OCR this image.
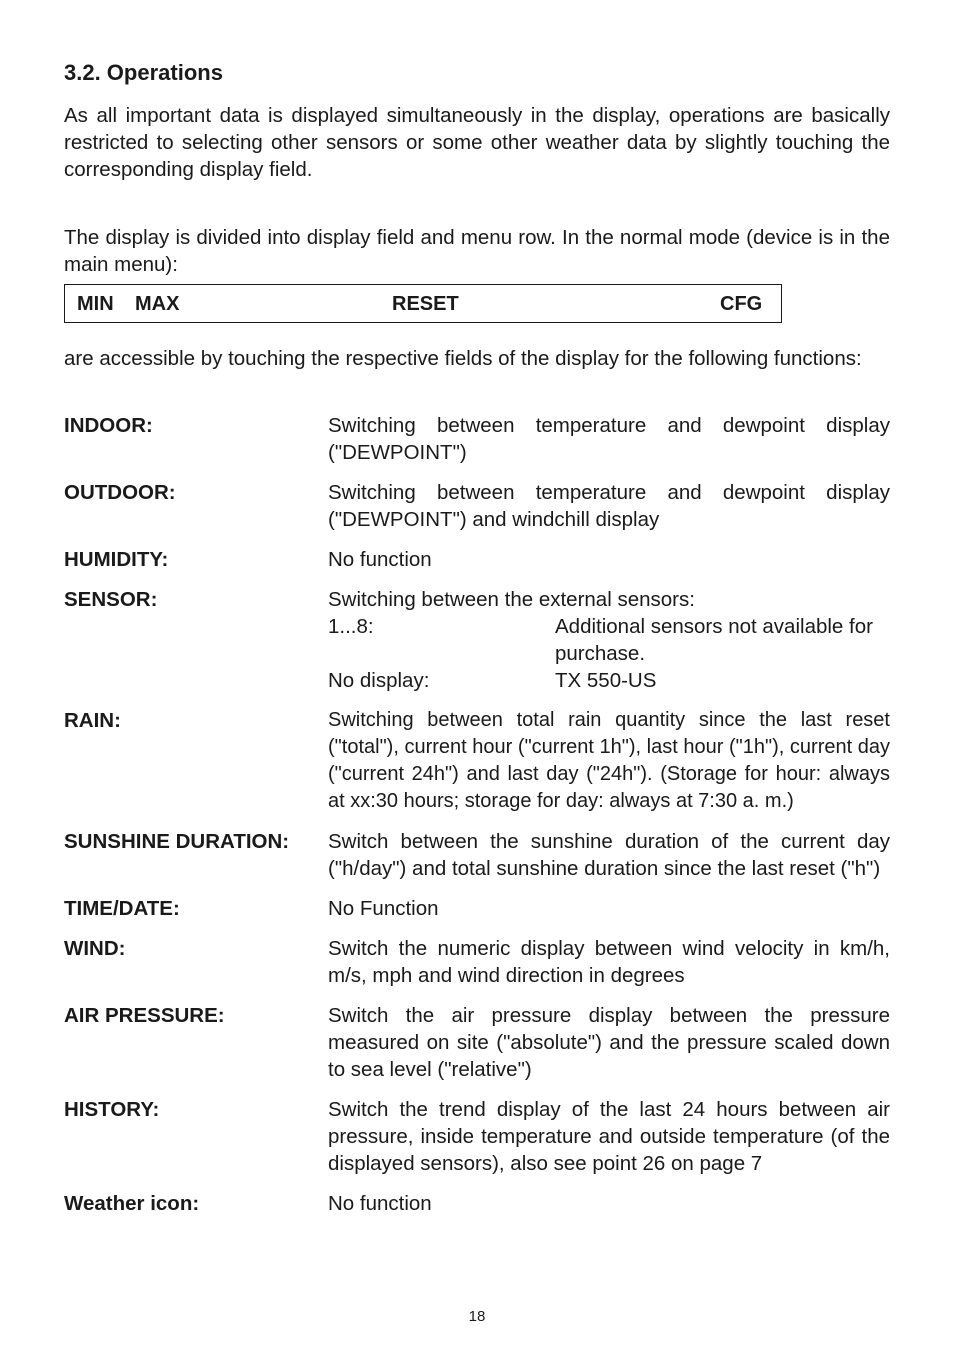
3.2. Operations

As all important data is displayed simultaneously in the display, operations are basically restricted to selecting other sensors or some other weather data by slightly touching the corresponding display field.

The display is divided into display field and menu row. In the normal mode (device is in the main menu):

MIN MAX	RESET	CFG

are accessible by touching the respective fields of the display for the following functions:

INDOOR:	Switching between temperature and dewpoint display ("DEWPOINT")
OUTDOOR:	Switching between temperature and dewpoint display ("DEWPOINT") and windchill display
HUMIDITY:	No function
SENSOR:	Switching between the external sensors:
1...8:	Additional sensors not available for purchase.
No display:	TX 550-US
RAIN:	Switching between total rain quantity since the last reset ("total"), current hour ("current 1h"), last hour ("1h"), current day ("current 24h") and last day ("24h"). (Storage for hour: always at xx:30 hours; storage for day: always at 7:30 a. m.)
SUNSHINE DURATION:	Switch between the sunshine duration of the current day ("h/day") and total sunshine duration since the last reset ("h")
TIME/DATE:	No Function
WIND:	Switch the numeric display between wind velocity in km/h, m/s, mph and wind direction in degrees
AIR PRESSURE:	Switch the air pressure display between the pressure measured on site ("absolute") and the pressure scaled down to sea level ("relative")
HISTORY:	Switch the trend display of the last 24 hours between air pressure, inside temperature and outside temperature (of the displayed sensors), also see point 26 on page 7
Weather icon:	No function
18
